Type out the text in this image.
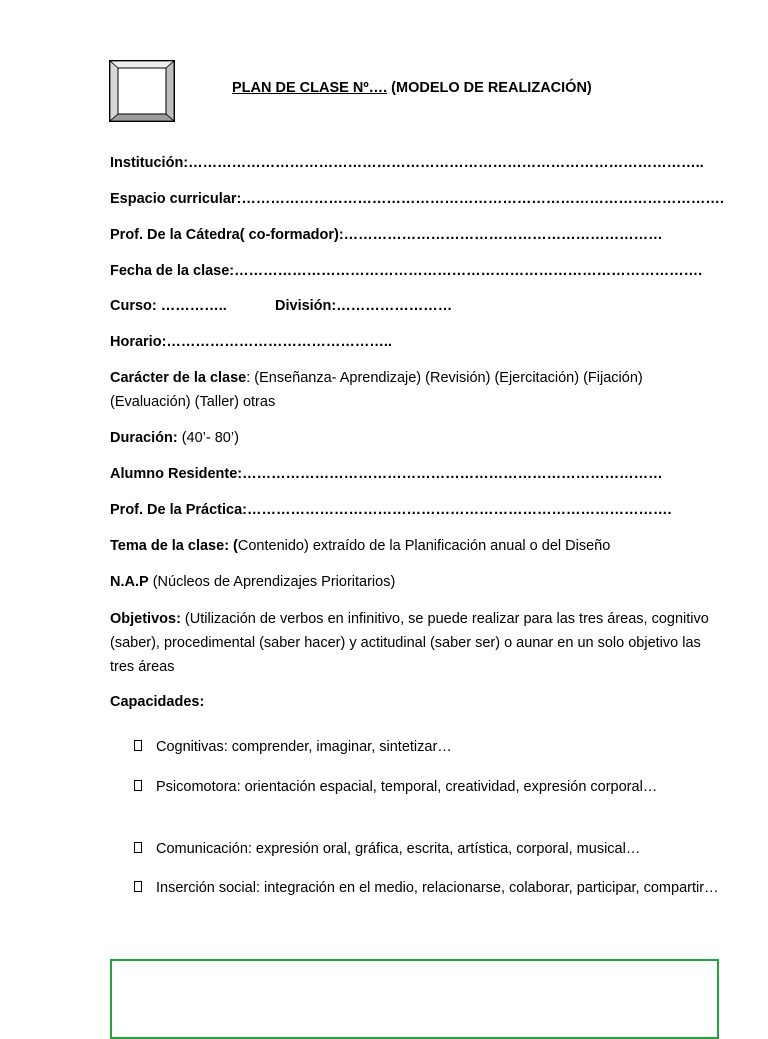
PLAN DE CLASE Nº…. (MODELO DE REALIZACIÓN)
Institución:……………………………………………………………………………………………..
Espacio curricular:……………………………………………………………………………………….
Prof. De la Cátedra( co-formador):…………………………………………………………
Fecha de la clase:…………………………………………………………………………………….
Curso: …………..	División:……………………
Horario:………………………………………..
Carácter de la clase: (Enseñanza- Aprendizaje) (Revisión) (Ejercitación) (Fijación) (Evaluación) (Taller) otras
Duración: (40’- 80’)
Alumno Residente:……………………………………………………………………………
Prof. De la Práctica:…………………………………………………………………………….
Tema de la clase: (Contenido) extraído de la Planificación anual o del Diseño
N.A.P (Núcleos de Aprendizajes Prioritarios)
Objetivos: (Utilización de verbos en infinitivo, se puede realizar para las tres áreas, cognitivo (saber), procedimental (saber hacer) y actitudinal (saber ser) o aunar en un solo objetivo las tres áreas
Capacidades:
Cognitivas: comprender, imaginar, sintetizar…
Psicomotora: orientación espacial, temporal, creatividad, expresión corporal…
Comunicación: expresión oral, gráfica, escrita, artística, corporal, musical…
Inserción social: integración en el medio, relacionarse, colaborar, participar, compartir…
